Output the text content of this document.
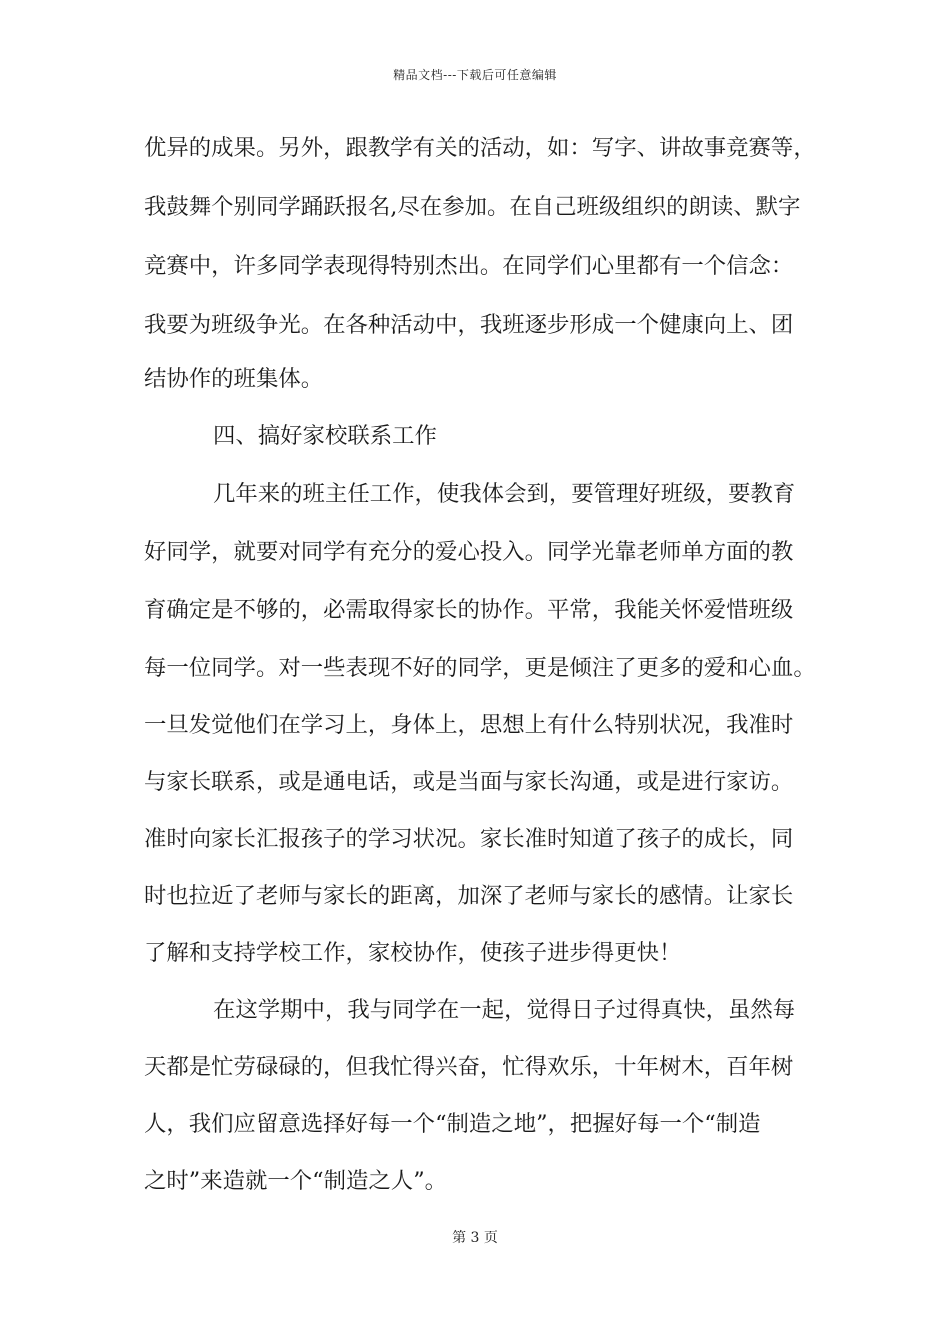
精品文档---下载后可任意编辑
优异的成果。另外，跟教学有关的活动，如：写字、讲故事竞赛等，
我鼓舞个别同学踊跃报名,尽在参加。在自己班级组织的朗读、默字
竞赛中，许多同学表现得特别杰出。在同学们心里都有一个信念：
我要为班级争光。在各种活动中，我班逐步形成一个健康向上、团
结协作的班集体。
四、搞好家校联系工作
几年来的班主任工作，使我体会到，要管理好班级，要教育
好同学，就要对同学有充分的爱心投入。同学光靠老师单方面的教
育确定是不够的，必需取得家长的协作。平常，我能关怀爱惜班级
每一位同学。对一些表现不好的同学，更是倾注了更多的爱和心血。
一旦发觉他们在学习上，身体上，思想上有什么特别状况，我准时
与家长联系，或是通电话，或是当面与家长沟通，或是进行家访。
准时向家长汇报孩子的学习状况。家长准时知道了孩子的成长，同
时也拉近了老师与家长的距离，加深了老师与家长的感情。让家长
了解和支持学校工作，家校协作，使孩子进步得更快！
在这学期中，我与同学在一起，觉得日子过得真快，虽然每
天都是忙劳碌碌的，但我忙得兴奋，忙得欢乐，十年树木，百年树
人，我们应留意选择好每一个“制造之地”，把握好每一个“制造
之时”来造就一个“制造之人”。
第 3 页
